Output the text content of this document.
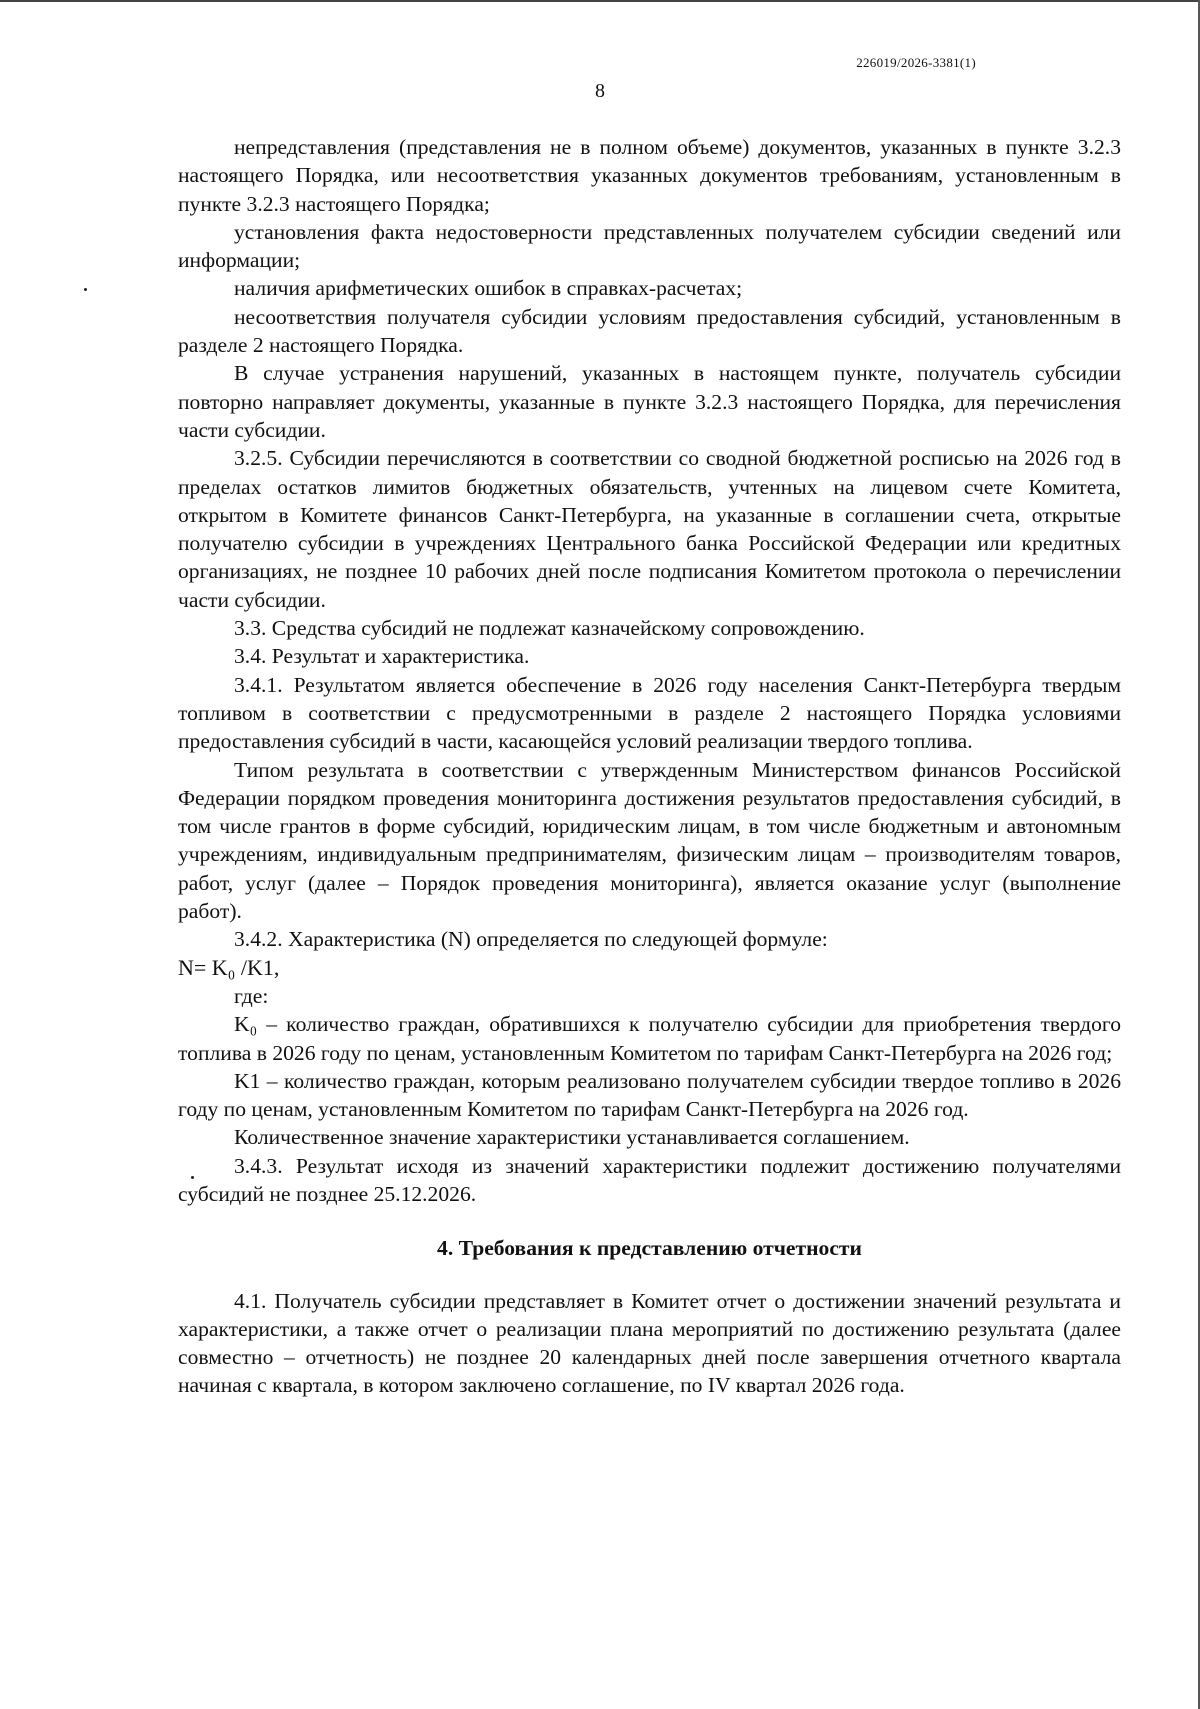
226019/2026-3381(1)
8

непредставления (представления не в полном объеме) документов, указанных в пункте 3.2.3 настоящего Порядка, или несоответствия указанных документов требованиям, установленным в пункте 3.2.3 настоящего Порядка;

установления факта недостоверности представленных получателем субсидии сведений или информации;

наличия арифметических ошибок в справках-расчетах;

несоответствия получателя субсидии условиям предоставления субсидий, установленным в разделе 2 настоящего Порядка.

В случае устранения нарушений, указанных в настоящем пункте, получатель субсидии повторно направляет документы, указанные в пункте 3.2.3 настоящего Порядка, для перечисления части субсидии.

3.2.5. Субсидии перечисляются в соответствии со сводной бюджетной росписью на 2026 год в пределах остатков лимитов бюджетных обязательств, учтенных на лицевом счете Комитета, открытом в Комитете финансов Санкт-Петербурга, на указанные в соглашении счета, открытые получателю субсидии в учреждениях Центрального банка Российской Федерации или кредитных организациях, не позднее 10 рабочих дней после подписания Комитетом протокола о перечислении части субсидии.

3.3. Средства субсидий не подлежат казначейскому сопровождению.

3.4. Результат и характеристика.

3.4.1. Результатом является обеспечение в 2026 году населения Санкт-Петербурга твердым топливом в соответствии с предусмотренными в разделе 2 настоящего Порядка условиями предоставления субсидий в части, касающейся условий реализации твердого топлива.

Типом результата в соответствии с утвержденным Министерством финансов Российской Федерации порядком проведения мониторинга достижения результатов предоставления субсидий, в том числе грантов в форме субсидий, юридическим лицам, в том числе бюджетным и автономным учреждениям, индивидуальным предпринимателям, физическим лицам – производителям товаров, работ, услуг (далее – Порядок проведения мониторинга), является оказание услуг (выполнение работ).

3.4.2. Характеристика (N) определяется по следующей формуле:

N= K₀ /K1,

где:

K₀ – количество граждан, обратившихся к получателю субсидии для приобретения твердого топлива в 2026 году по ценам, установленным Комитетом по тарифам Санкт-Петербурга на 2026 год;

K1 – количество граждан, которым реализовано получателем субсидии твердое топливо в 2026 году по ценам, установленным Комитетом по тарифам Санкт-Петербурга на 2026 год.

Количественное значение характеристики устанавливается соглашением.

3.4.3. Результат исходя из значений характеристики подлежит достижению получателями субсидий не позднее 25.12.2026.

4. Требования к представлению отчетности

4.1. Получатель субсидии представляет в Комитет отчет о достижении значений результата и характеристики, а также отчет о реализации плана мероприятий по достижению результата (далее совместно – отчетность) не позднее 20 календарных дней после завершения отчетного квартала начиная с квартала, в котором заключено соглашение, по IV квартал 2026 года.
